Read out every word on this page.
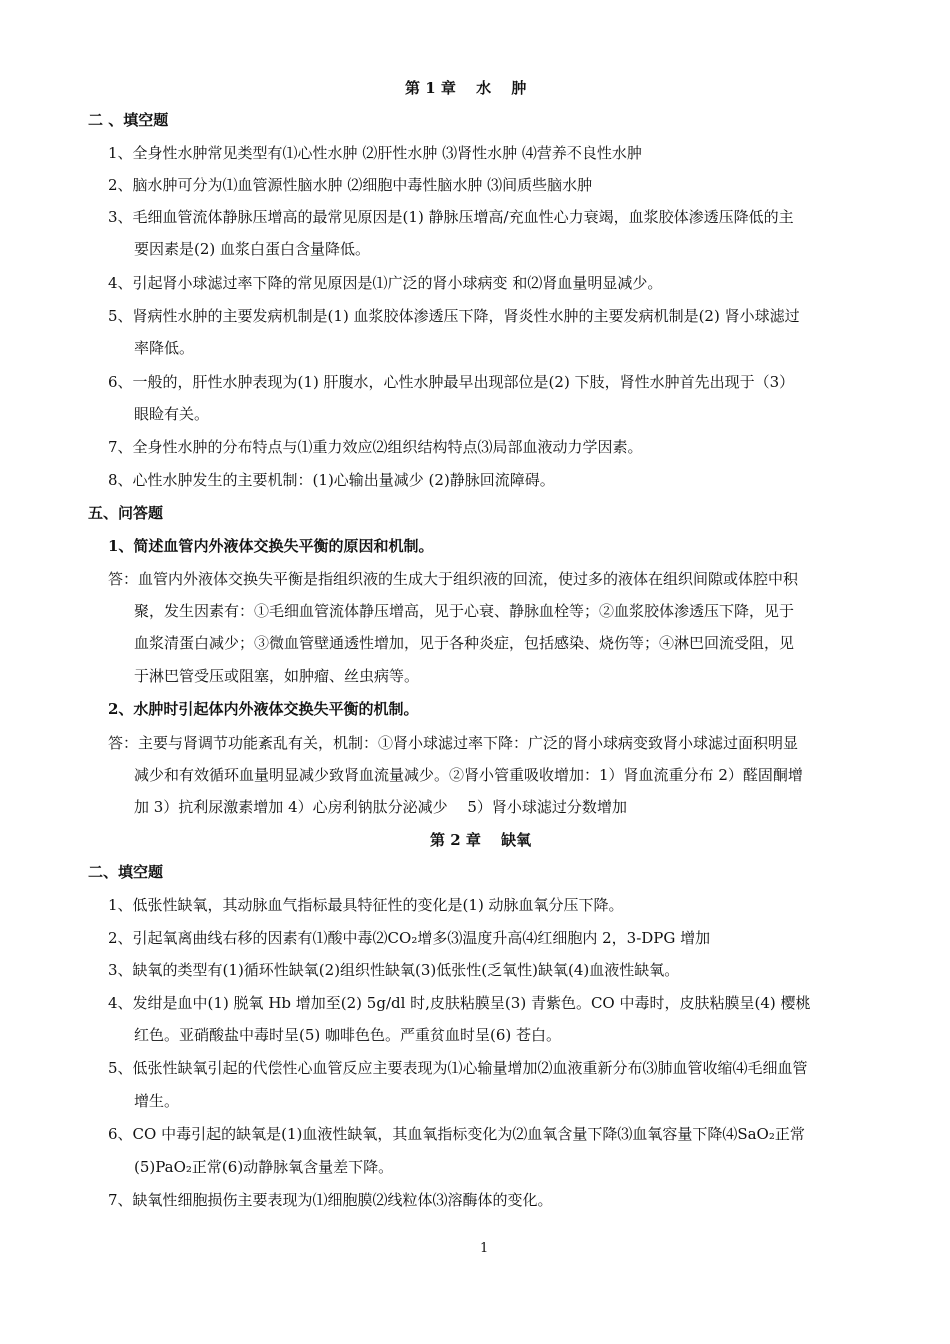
第 1 章　 水　 肿
二 、填空题
1、全身性水肿常见类型有⑴心性水肿 ⑵肝性水肿 ⑶肾性水肿 ⑷营养不良性水肿
2、脑水肿可分为⑴血管源性脑水肿 ⑵细胞中毒性脑水肿 ⑶间质些脑水肿
3、毛细血管流体静脉压增高的最常见原因是(1) 静脉压增高/充血性心力衰竭，血浆胶体渗透压降低的主
要因素是(2) 血浆白蛋白含量降低。
4、引起肾小球滤过率下降的常见原因是⑴广泛的肾小球病变 和⑵肾血量明显减少。
5、肾病性水肿的主要发病机制是(1) 血浆胶体渗透压下降，肾炎性水肿的主要发病机制是(2) 肾小球滤过
率降低。
6、一般的，肝性水肿表现为(1) 肝腹水，心性水肿最早出现部位是(2) 下肢，肾性水肿首先出现于（3）
眼睑有关。
7、全身性水肿的分布特点与⑴重力效应⑵组织结构特点⑶局部血液动力学因素。
8、心性水肿发生的主要机制：(1)心输出量减少 (2)静脉回流障碍。
五、问答题
1、简述血管内外液体交换失平衡的原因和机制。
答：血管内外液体交换失平衡是指组织液的生成大于组织液的回流，使过多的液体在组织间隙或体腔中积
聚，发生因素有：①毛细血管流体静压增高，见于心衰、静脉血栓等；②血浆胶体渗透压下降，见于
血浆清蛋白减少；③微血管壁通透性增加，见于各种炎症，包括感染、烧伤等；④淋巴回流受阻，见
于淋巴管受压或阻塞，如肿瘤、丝虫病等。
2、水肿时引起体内外液体交换失平衡的机制。
答：主要与肾调节功能紊乱有关，机制：①肾小球滤过率下降：广泛的肾小球病变致肾小球滤过面积明显
减少和有效循环血量明显减少致肾血流量减少。②肾小管重吸收增加：1）肾血流重分布 2）醛固酮增
加 3）抗利尿激素增加 4）心房利钠肽分泌减少　 5）肾小球滤过分数增加
第 2 章　 缺氧
二、填空题
1、低张性缺氧，其动脉血气指标最具特征性的变化是(1) 动脉血氧分压下降。
2、引起氧离曲线右移的因素有⑴酸中毒⑵CO₂增多⑶温度升高⑷红细胞内 2，3-DPG 增加
3、缺氧的类型有(1)循环性缺氧(2)组织性缺氧(3)低张性(乏氧性)缺氧(4)血液性缺氧。
4、发绀是血中(1) 脱氧 Hb 增加至(2) 5g/dl 时,皮肤粘膜呈(3) 青紫色。CO 中毒时，皮肤粘膜呈(4) 樱桃
红色。亚硝酸盐中毒时呈(5) 咖啡色色。严重贫血时呈(6) 苍白。
5、低张性缺氧引起的代偿性心血管反应主要表现为⑴心输量增加⑵血液重新分布⑶肺血管收缩⑷毛细血管
增生。
6、CO 中毒引起的缺氧是(1)血液性缺氧，其血氧指标变化为⑵血氧含量下降⑶血氧容量下降⑷SaO₂正常
(5)PaO₂正常(6)动静脉氧含量差下降。
7、缺氧性细胞损伤主要表现为⑴细胞膜⑵线粒体⑶溶酶体的变化。
1
